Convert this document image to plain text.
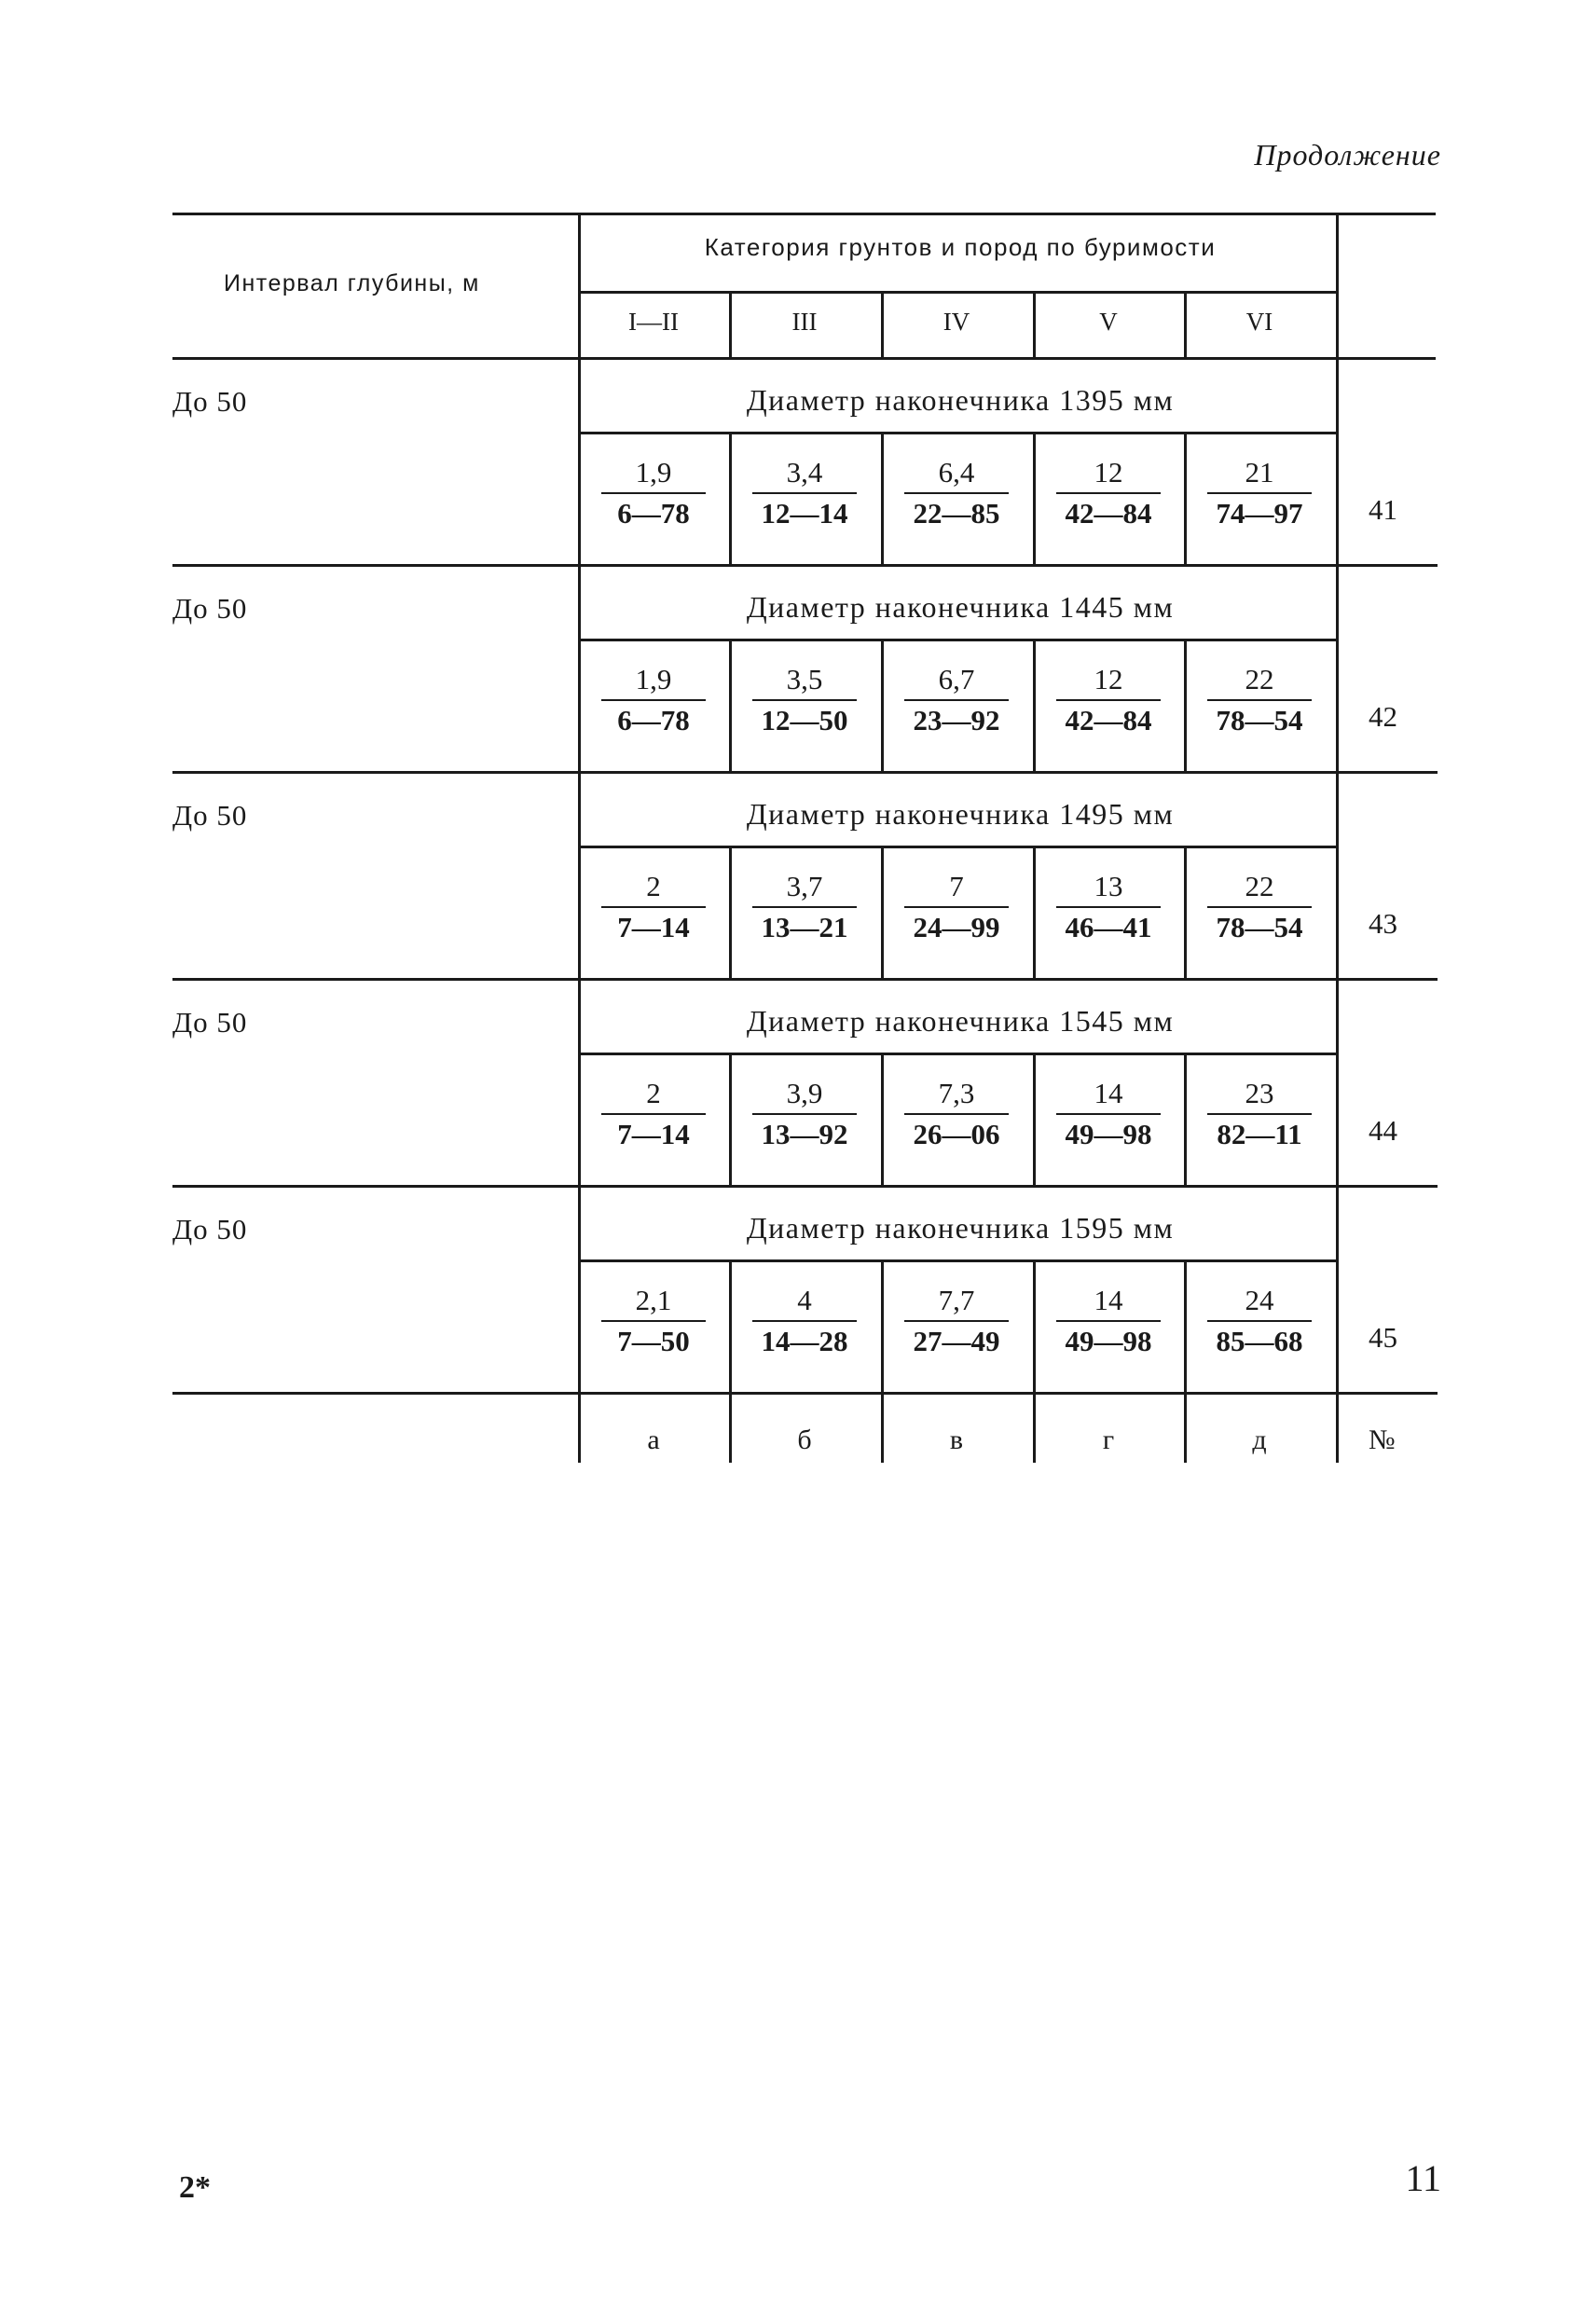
Продолжение
Интервал глубины, м
Категория грунтов и пород по буримости
I—II	III	IV	V	VI
До 50	Диаметр наконечника 1395 мм
$\frac{1,9}{6—78} \frac{3,4}{12—14} \frac{6,4}{22—85} \frac{12}{42—84} \frac{21}{74—97} 41$
До 50	Диаметр наконечника 1445 мм
$\frac{1,9}{6—78} \frac{3,5}{12—50} \frac{6,7}{23—92} \frac{12}{42—84} \frac{22}{78—54} 42$
До 50	Диаметр наконечника 1495 мм
$\frac{2}{7—14} \frac{3,7}{13—21} \frac{7}{24—99} \frac{13}{46—41} \frac{22}{78—54} 43$
До 50	Диаметр наконечника 1545 мм
$\frac{2}{7—14} \frac{3,9}{13—92} \frac{7,3}{26—06} \frac{14}{49—98} \frac{23}{82—11} 44$
До 50	Диаметр наконечника 1595 мм
$\frac{2,1}{7—50} \frac{4}{14—28} \frac{7,7}{27—49} \frac{14}{49—98} \frac{24}{85—68} 45$
а	б	в	г	д	№
2*	11
